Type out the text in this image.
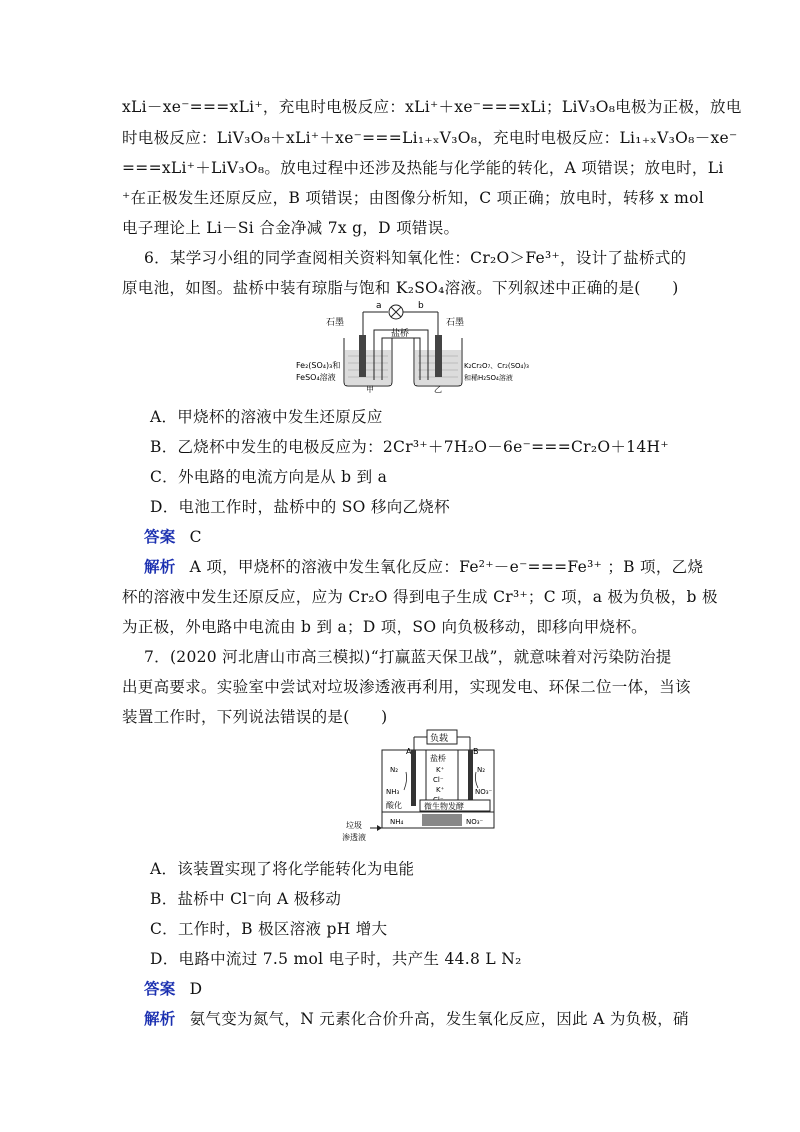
xLi－xe⁻===xLi⁺，充电时电极反应：xLi⁺＋xe⁻===xLi；LiV₃O₈电极为正极，放电
时电极反应：LiV₃O₈＋xLi⁺＋xe⁻===Li₁₊ₓV₃O₈，充电时电极反应：Li₁₊ₓV₃O₈－xe⁻
===xLi⁺＋LiV₃O₈。放电过程中还涉及热能与化学能的转化，A 项错误；放电时，Li
⁺在正极发生还原反应，B 项错误；由图像分析知，C 项正确；放电时，转移 x mol
电子理论上 Li－Si 合金净减 7x g，D 项错误。
6．某学习小组的同学查阅相关资料知氧化性：Cr₂O＞Fe³⁺，设计了盐桥式的
原电池，如图。盐桥中装有琼脂与饱和 K₂SO₄溶液。下列叙述中正确的是(　　)
a	b
石墨	石墨
盐桥
Fe₂(SO₄)₃和
FeSO₄溶液
甲
K₂Cr₂O₇、Cr₂(SO₄)₃
和稀H₂SO₄溶液
乙
A．甲烧杯的溶液中发生还原反应
B．乙烧杯中发生的电极反应为：2Cr³⁺＋7H₂O－6e⁻===Cr₂O＋14H⁺
C．外电路的电流方向是从 b 到 a
D．电池工作时，盐桥中的 SO 移向乙烧杯
答案 C
解析 A 项，甲烧杯的溶液中发生氧化反应：Fe²⁺－e⁻===Fe³⁺ ；B 项，乙烧
杯的溶液中发生还原反应，应为 Cr₂O 得到电子生成 Cr³⁺；C 项，a 极为负极，b 极
为正极，外电路中电流由 b 到 a；D 项，SO 向负极移动，即移向甲烧杯。
7．(2020 河北唐山市高三模拟)“打赢蓝天保卫战”，就意味着对污染防治提
出更高要求。实验室中尝试对垃圾渗透液再利用，实现发电、环保二位一体，当该
装置工作时，下列说法错误的是(　　)
负载
A	B
盐桥
K⁺
Cl⁻
K⁺
N₂
NH₃
N₂
NO₃⁻
酸化	微生物发酵
NH₄	NO₃⁻
垃圾
渗透液
A．该装置实现了将化学能转化为电能
B．盐桥中 Cl⁻向 A 极移动
C．工作时，B 极区溶液 pH 增大
D．电路中流过 7.5 mol 电子时，共产生 44.8 L N₂
答案 D
解析 氨气变为氮气，N 元素化合价升高，发生氧化反应，因此 A 为负极，硝
